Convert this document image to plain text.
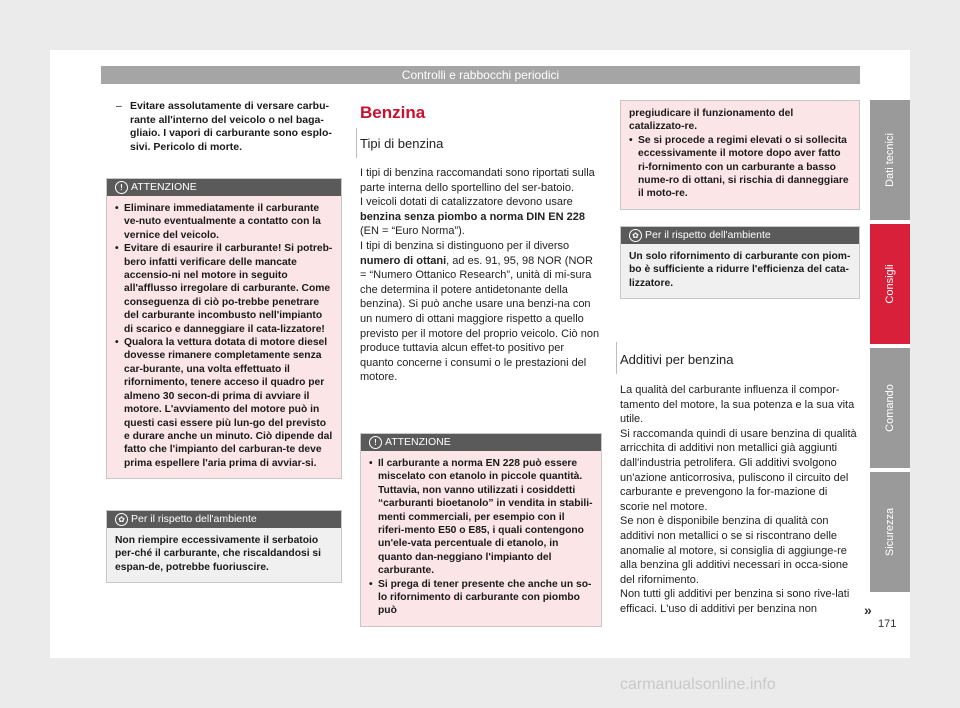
Controlli e rabbocchi periodici
– Evitare assolutamente di versare carbu-rante all'interno del veicolo o nel baga-gliaio. I vapori di carburante sono esplo-sivi. Pericolo di morte.
! ATTENZIONE
• Eliminare immediatamente il carburante ve-nuto eventualmente a contatto con la vernice del veicolo.
• Evitare di esaurire il carburante! Si potreb-bero infatti verificare delle mancate accensio-ni nel motore in seguito all'afflusso irregolare di carburante. Come conseguenza di ciò po-trebbe penetrare del carburante incombusto nell'impianto di scarico e danneggiare il cata-lizzatore!
• Qualora la vettura dotata di motore diesel dovesse rimanere completamente senza car-burante, una volta effettuato il rifornimento, tenere acceso il quadro per almeno 30 secon-di prima di avviare il motore. L'avviamento del motore può in questi casi essere più lun-go del previsto e durare anche un minuto. Ciò dipende dal fatto che l'impianto del carburan-te deve prima espellere l'aria prima di avviar-si.
✿ Per il rispetto dell'ambiente
Non riempire eccessivamente il serbatoio per-ché il carburante, che riscaldandosi si espan-de, potrebbe fuoriuscire.
Benzina
Tipi di benzina

I tipi di benzina raccomandati sono riportati sulla parte interna dello sportellino del ser-batoio.

I veicoli dotati di catalizzatore devono usare benzina senza piombo a norma DIN EN 228 (EN = “Euro Norma”).

I tipi di benzina si distinguono per il diverso numero di ottani, ad es. 91, 95, 98 NOR (NOR = “Numero Ottanico Research”, unità di mi-sura che determina il potere antidetonante della benzina). Si può anche usare una benzi-na con un numero di ottani maggiore rispetto a quello previsto per il motore del proprio veicolo. Ciò non produce tuttavia alcun effet-to positivo per quanto concerne i consumi o le prestazioni del motore.

! ATTENZIONE
• Il carburante a norma EN 228 può essere miscelato con etanolo in piccole quantità. Tuttavia, non vanno utilizzati i cosiddetti “carburanti bioetanolo” in vendita in stabili-menti commerciali, per esempio con il riferi-mento E50 o E85, i quali contengono un'ele-vata percentuale di etanolo, in quanto dan-neggiano l'impianto del carburante.
• Si prega di tener presente che anche un so-lo rifornimento di carburante con piombo può
pregiudicare il funzionamento del catalizzato-re.
• Se si procede a regimi elevati o si sollecita eccessivamente il motore dopo aver fatto ri-fornimento con un carburante a basso nume-ro di ottani, si rischia di danneggiare il moto-re.
✿ Per il rispetto dell'ambiente
Un solo rifornimento di carburante con piom-bo è sufficiente a ridurre l'efficienza del cata-lizzatore.
Additivi per benzina

La qualità del carburante influenza il compor-tamento del motore, la sua potenza e la sua vita utile.

Si raccomanda quindi di usare benzina di qualità arricchita di additivi non metallici già aggiunti dall'industria petrolifera. Gli additivi svolgono un'azione anticorrosiva, puliscono il circuito del carburante e prevengono la for-mazione di scorie nel motore.

Se non è disponibile benzina di qualità con additivi non metallici o se si riscontrano delle anomalie al motore, si consiglia di aggiunge-re alla benzina gli additivi necessari in occa-sione del rifornimento.

Non tutti gli additivi per benzina si sono rive-lati efficaci. L'uso di additivi per benzina non	»
Dati tecnici
Consigli
Comando
Sicurezza
171
carmanualsonline.info
